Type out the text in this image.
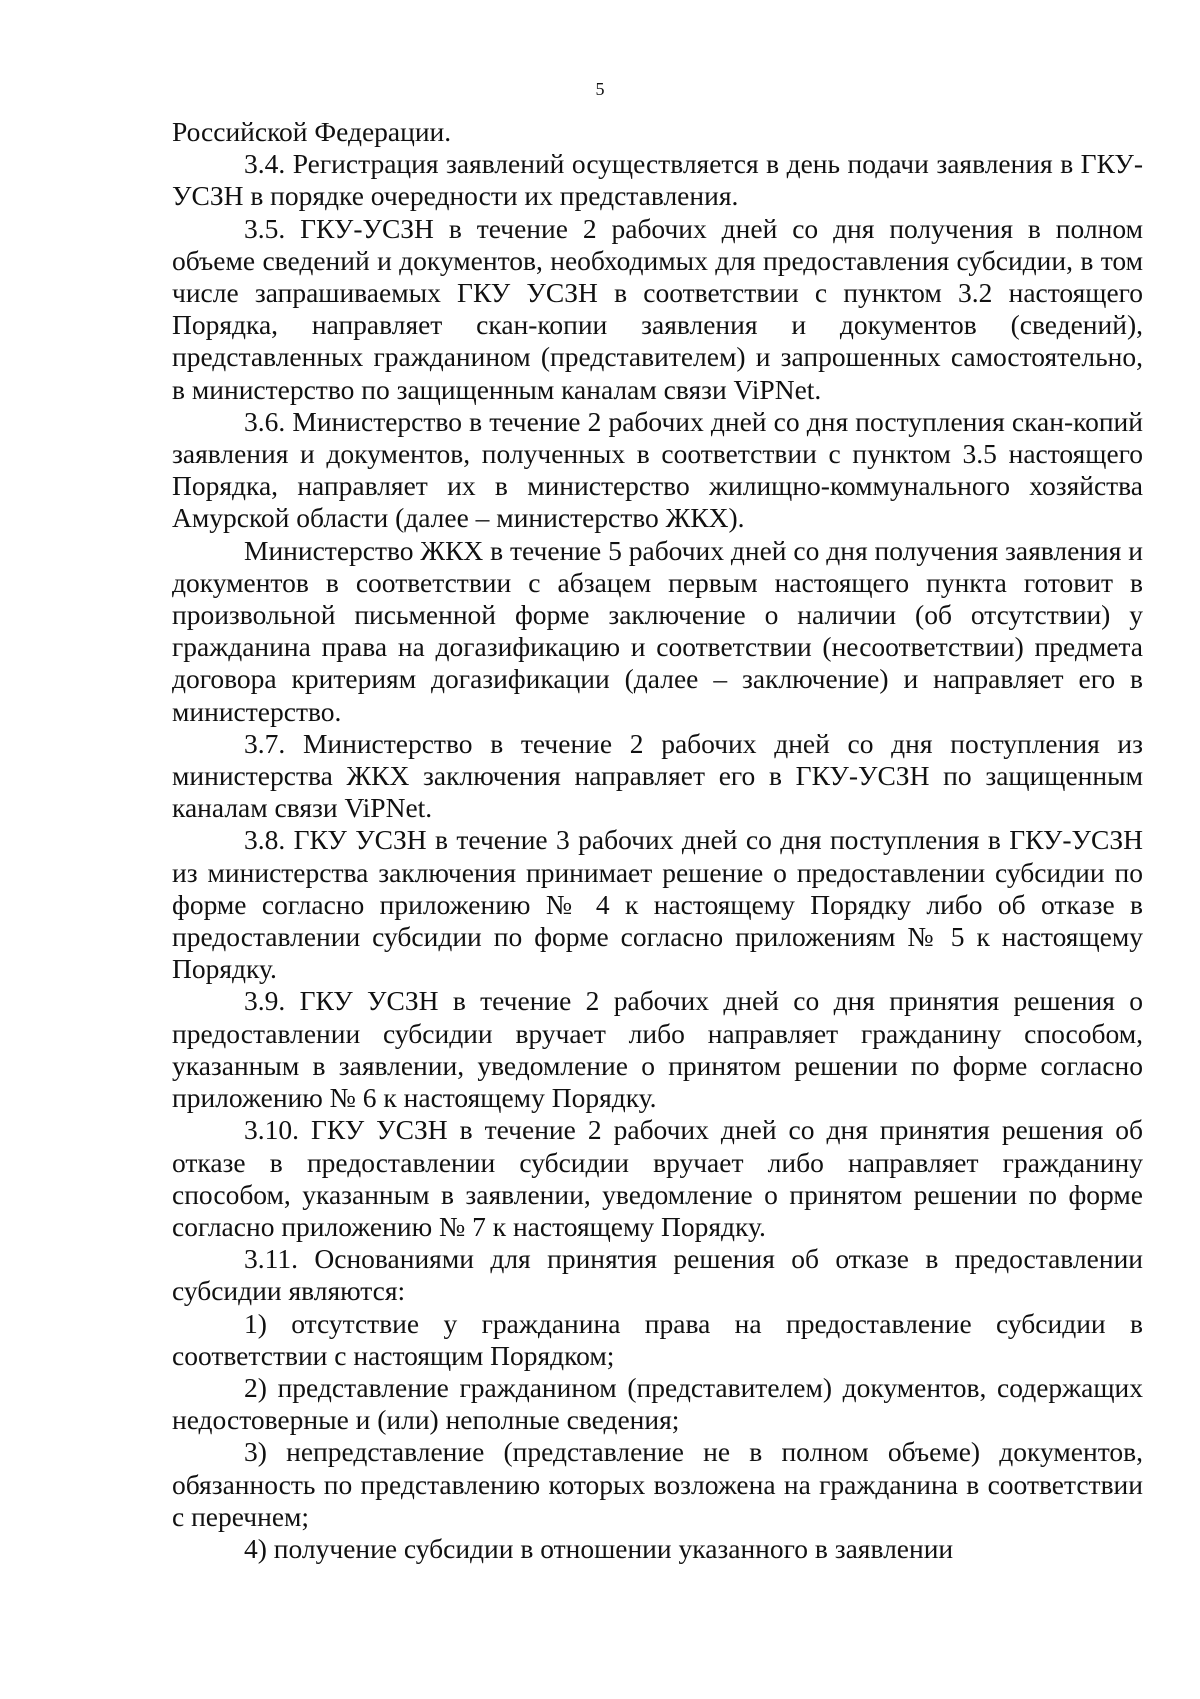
5

Российской Федерации.

3.4. Регистрация заявлений осуществляется в день подачи заявления в ГКУ-УСЗН в порядке очередности их представления.

3.5. ГКУ-УСЗН в течение 2 рабочих дней со дня получения в полном объеме сведений и документов, необходимых для предоставления субсидии, в том числе запрашиваемых ГКУ УСЗН в соответствии с пунктом 3.2 настоящего Порядка, направляет скан-копии заявления и документов (сведений), представленных гражданином (представителем) и запрошенных самостоятельно, в министерство по защищенным каналам связи ViPNet.

3.6. Министерство в течение 2 рабочих дней со дня поступления скан-копий заявления и документов, полученных в соответствии с пунктом 3.5 настоящего Порядка, направляет их в министерство жилищно-коммунального хозяйства Амурской области (далее – министерство ЖКХ).

Министерство ЖКХ в течение 5 рабочих дней со дня получения заявления и документов в соответствии с абзацем первым настоящего пункта готовит в произвольной письменной форме заключение о наличии (об отсутствии) у гражданина права на догазификацию и соответствии (несоответствии) предмета договора критериям догазификации (далее – заключение) и направляет его в министерство.

3.7. Министерство в течение 2 рабочих дней со дня поступления из министерства ЖКХ заключения направляет его в ГКУ-УСЗН по защищенным каналам связи ViPNet.

3.8. ГКУ УСЗН в течение 3 рабочих дней со дня поступления в ГКУ-УСЗН из министерства заключения принимает решение о предоставлении субсидии по форме согласно приложению № 4 к настоящему Порядку либо об отказе в предоставлении субсидии по форме согласно приложениям № 5 к настоящему Порядку.

3.9. ГКУ УСЗН в течение 2 рабочих дней со дня принятия решения о предоставлении субсидии вручает либо направляет гражданину способом, указанным в заявлении, уведомление о принятом решении по форме согласно приложению № 6 к настоящему Порядку.

3.10. ГКУ УСЗН в течение 2 рабочих дней со дня принятия решения об отказе в предоставлении субсидии вручает либо направляет гражданину способом, указанным в заявлении, уведомление о принятом решении по форме согласно приложению № 7 к настоящему Порядку.

3.11. Основаниями для принятия решения об отказе в предоставлении субсидии являются:

1) отсутствие у гражданина права на предоставление субсидии в соответствии с настоящим Порядком;

2) представление гражданином (представителем) документов, содержащих недостоверные и (или) неполные сведения;

3) непредставление (представление не в полном объеме) документов, обязанность по представлению которых возложена на гражданина в соответствии с перечнем;

4) получение субсидии в отношении указанного в заявлении
